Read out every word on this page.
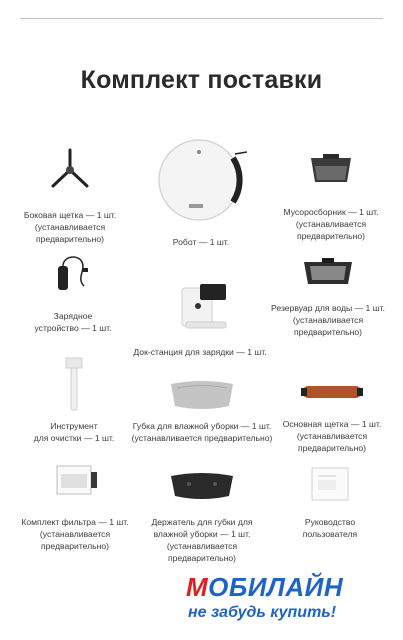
Комплект поставки
Боковая щетка — 1 шт.
(устанавливается
предварительно)	Робот — 1 шт.
Мусоросборник — 1 шт.
(устанавливается
предварительно)
Зарядное
устройство — 1 шт.
Док-станция для зарядки — 1 шт.
Резервуар для воды — 1 шт.
(устанавливается
предварительно)
Инструмент
для очистки — 1 шт.
Губка для влажной уборки — 1 шт.
(устанавливается предварительно)
Основная щетка — 1 шт.
(устанавливается
предварительно)
Комплект фильтра — 1 шт.
(устанавливается
предварительно)
Держатель для губки для
влажной уборки — 1 шт.
(устанавливается предварительно)
Руководство
пользователя
МОБИЛАЙН
не забудь купить!
